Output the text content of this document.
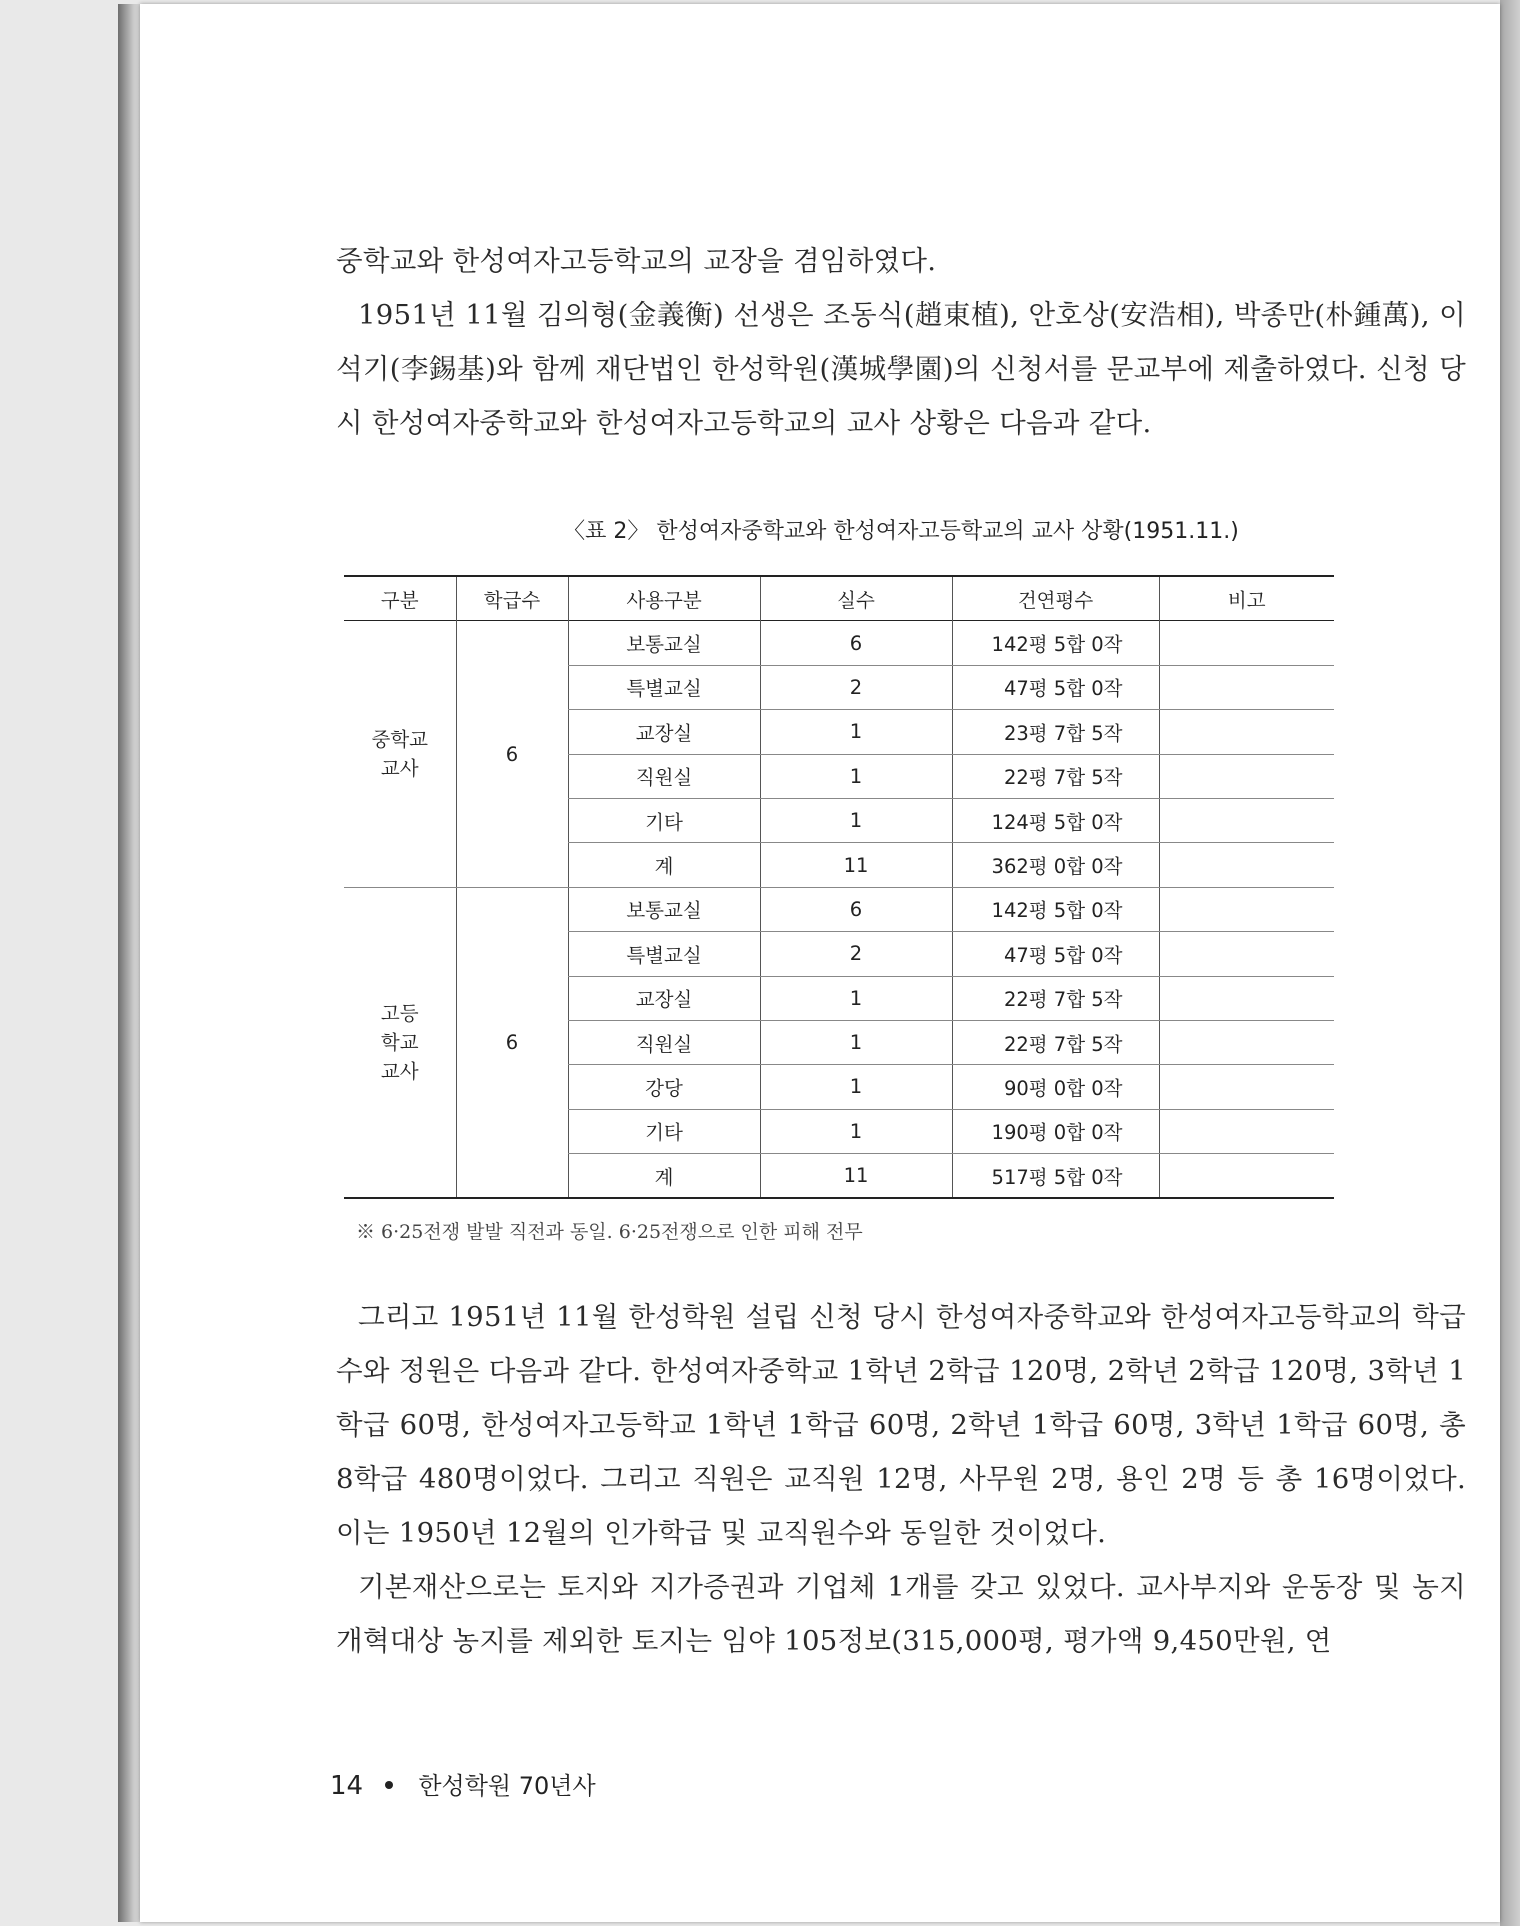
중학교와 한성여자고등학교의 교장을 겸임하였다.

1951년 11월 김의형(金義衡) 선생은 조동식(趙東植), 안호상(安浩相), 박종만(朴鍾萬), 이석기(李錫基)와 함께 재단법인 한성학원(漢城學園)의 신청서를 문교부에 제출하였다. 신청 당시 한성여자중학교와 한성여자고등학교의 교사 상황은 다음과 같다.

〈표 2〉 한성여자중학교와 한성여자고등학교의 교사 상황(1951.11.)
구분	학급수	사용구분	실수	건연평수	비고

중학교
교사	6	보통교실	6	142평 5합 0작	
		특별교실	2	47평 5합 0작	
		교장실	1	23평 7합 5작	
		직원실	1	22평 7합 5작	
		기타	1	124평 5합 0작	
		계	11	362평 0합 0작	

고등
학교
교사	6	보통교실	6	142평 5합 0작	
		특별교실	2	47평 5합 0작	
		교장실	1	22평 7합 5작	
		직원실	1	22평 7합 5작	
		강당	1	90평 0합 0작	
		기타	1	190평 0합 0작	
		계	11	517평 5합 0작	
※ 6·25전쟁 발발 직전과 동일. 6·25전쟁으로 인한 피해 전무

그리고 1951년 11월 한성학원 설립 신청 당시 한성여자중학교와 한성여자고등학교의 학급수와 정원은 다음과 같다. 한성여자중학교 1학년 2학급 120명, 2학년 2학급 120명, 3학년 1학급 60명, 한성여자고등학교 1학년 1학급 60명, 2학년 1학급 60명, 3학년 1학급 60명, 총 8학급 480명이었다. 그리고 직원은 교직원 12명, 사무원 2명, 용인 2명 등 총 16명이었다. 이는 1950년 12월의 인가학급 및 교직원수와 동일한 것이었다.

기본재산으로는 토지와 지가증권과 기업체 1개를 갖고 있었다. 교사부지와 운동장 및 농지개혁대상 농지를 제외한 토지는 임야 105정보(315,000평, 평가액 9,450만원, 연

14 한성학원 70년사
